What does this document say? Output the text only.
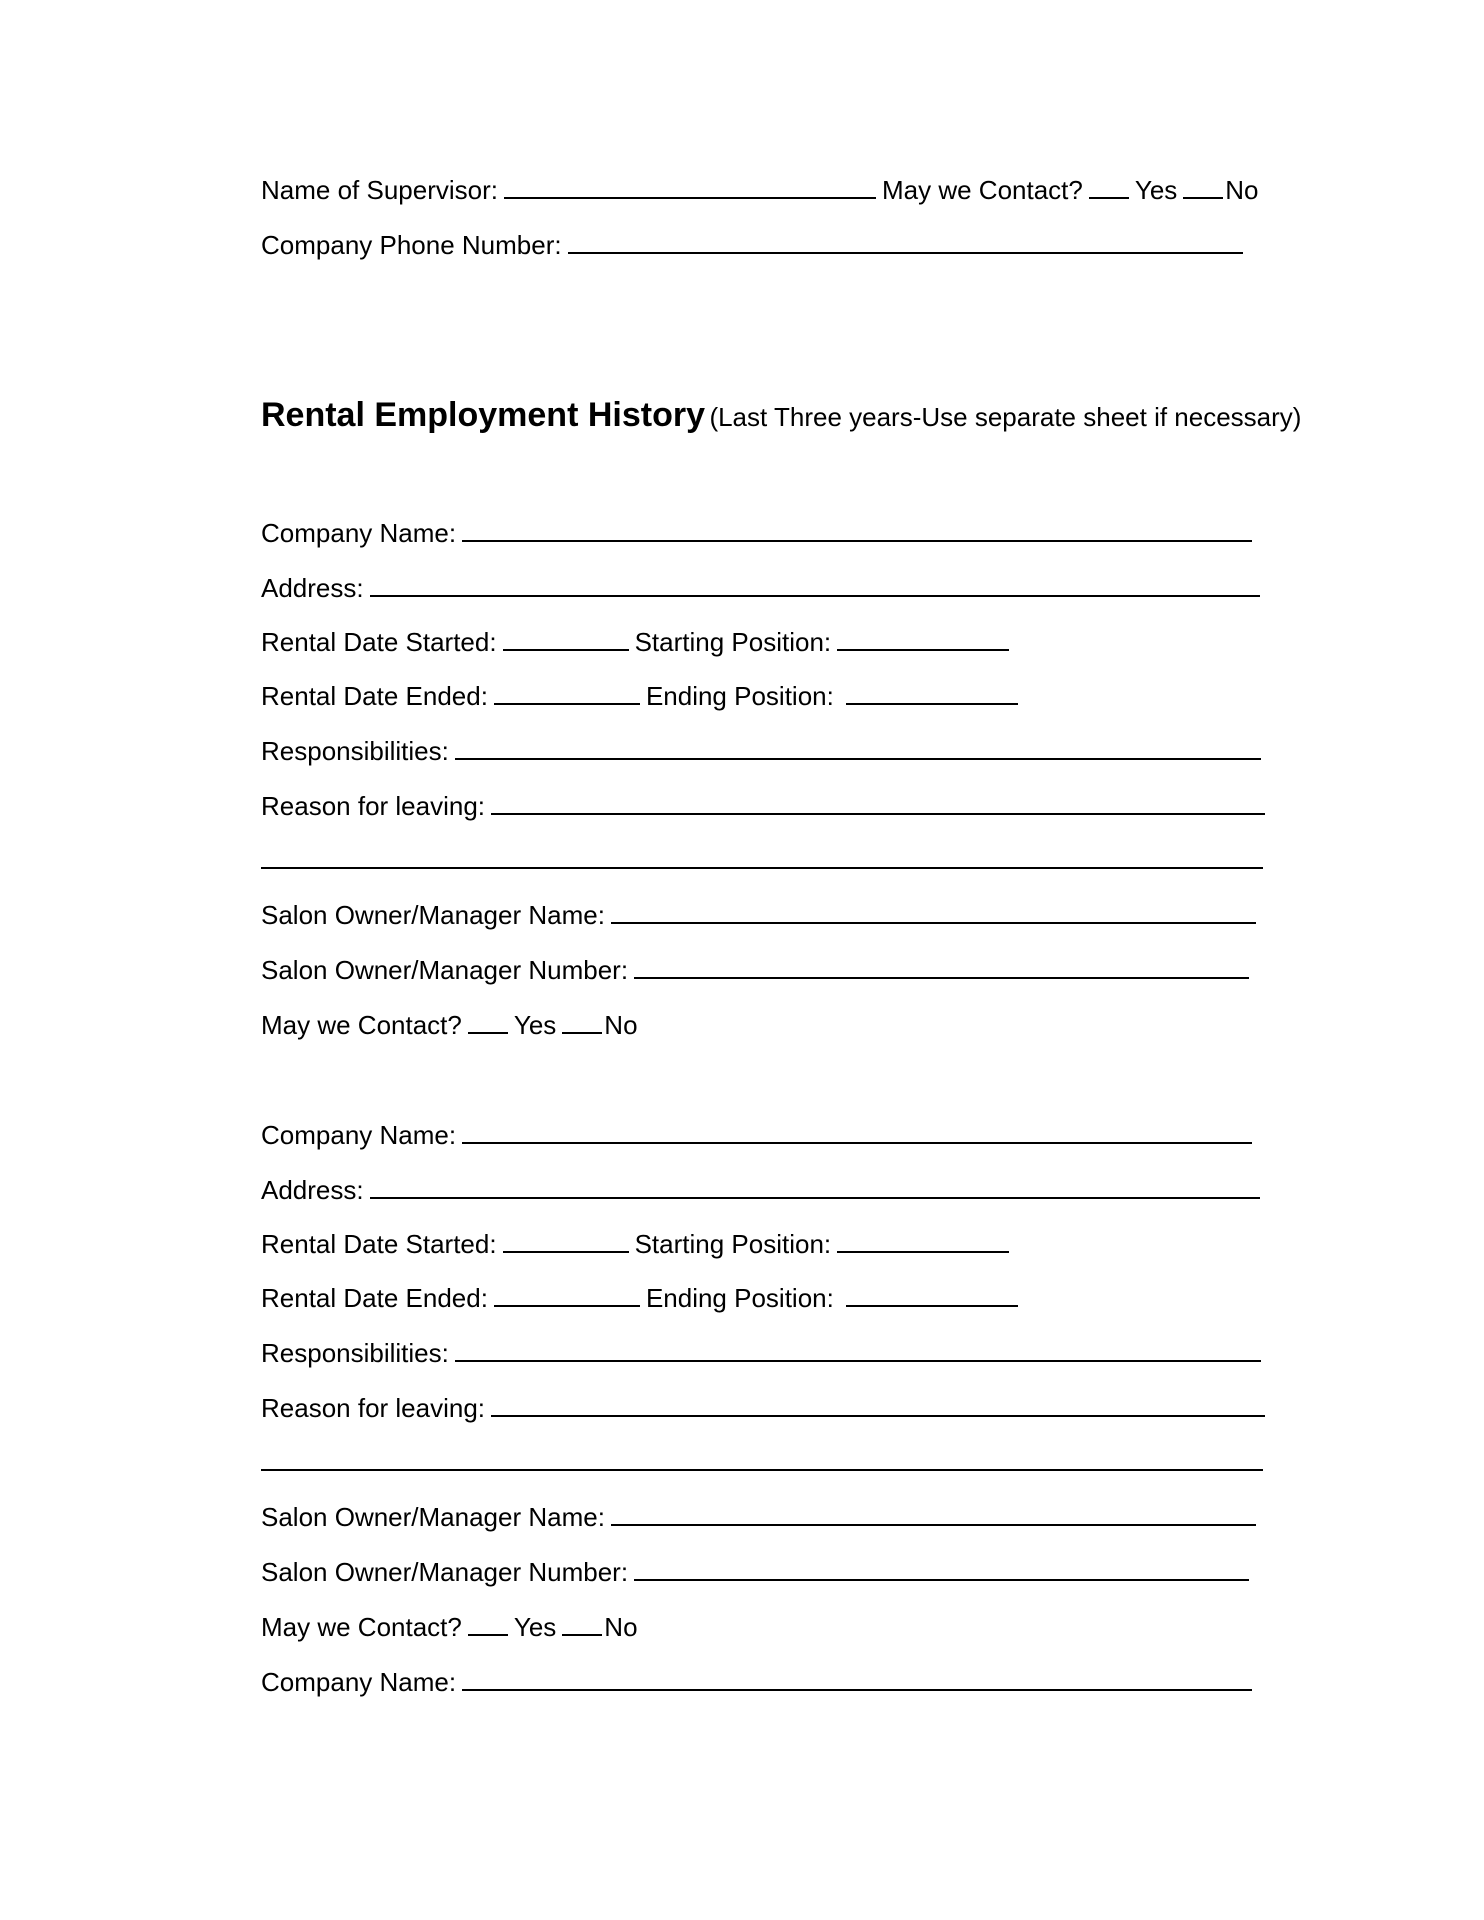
Name of Supervisor:	May we Contact? Yes No
Company Phone Number:
Rental Employment History (Last Three years-Use separate sheet if necessary)
Company Name:
Address:
Rental Date Started:	Starting Position:
Rental Date Ended:	Ending Position:
Responsibilities:
Reason for leaving:
Salon Owner/Manager Name:
Salon Owner/Manager Number:
May we Contact? Yes No
Company Name:
Address:
Rental Date Started:	Starting Position:
Rental Date Ended:	Ending Position:
Responsibilities:
Reason for leaving:
Salon Owner/Manager Name:
Salon Owner/Manager Number:
May we Contact? Yes No
Company Name:
